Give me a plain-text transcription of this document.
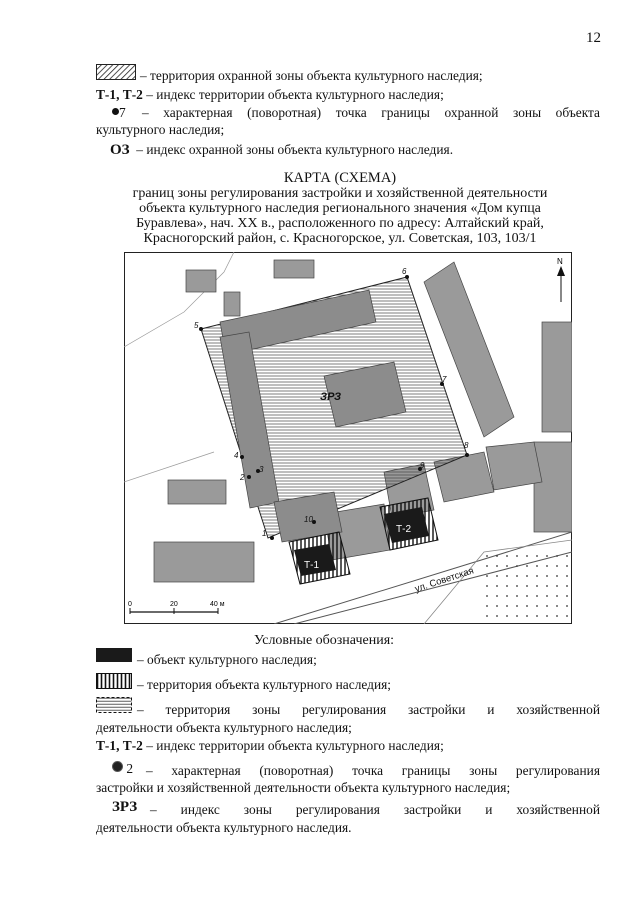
12
– территория охранной зоны объекта культурного наследия;
Т-1, Т-2 – индекс территории объекта культурного наследия;
7 – характерная (поворотная) точка границы охранной зоны объекта
культурного наследия;
ОЗ – индекс охранной зоны объекта культурного наследия.
КАРТА (СХЕМА)
границ зоны регулирования застройки и хозяйственной деятельности
объекта культурного наследия регионального значения «Дом купца
Буравлева», нач. XX в., расположенного по адресу: Алтайский край,
Красногорский район, с. Красногорское, ул. Советская, 103, 103/1
Т-1
Т-2
ЗРЗ
1
2
3
4
5
6
7
8
9
10
ул. Советская
N
0	20	40 м
Условные обозначения:
– объект культурного наследия;
– территория объекта культурного наследия;
– территория зоны регулирования застройки и хозяйственной
деятельности объекта культурного наследия;
Т-1, Т-2 – индекс территории объекта культурного наследия;
2 – характерная (поворотная) точка границы зоны регулирования
застройки и хозяйственной деятельности объекта культурного наследия;
ЗРЗ – индекс зоны регулирования застройки и хозяйственной
деятельности объекта культурного наследия.
